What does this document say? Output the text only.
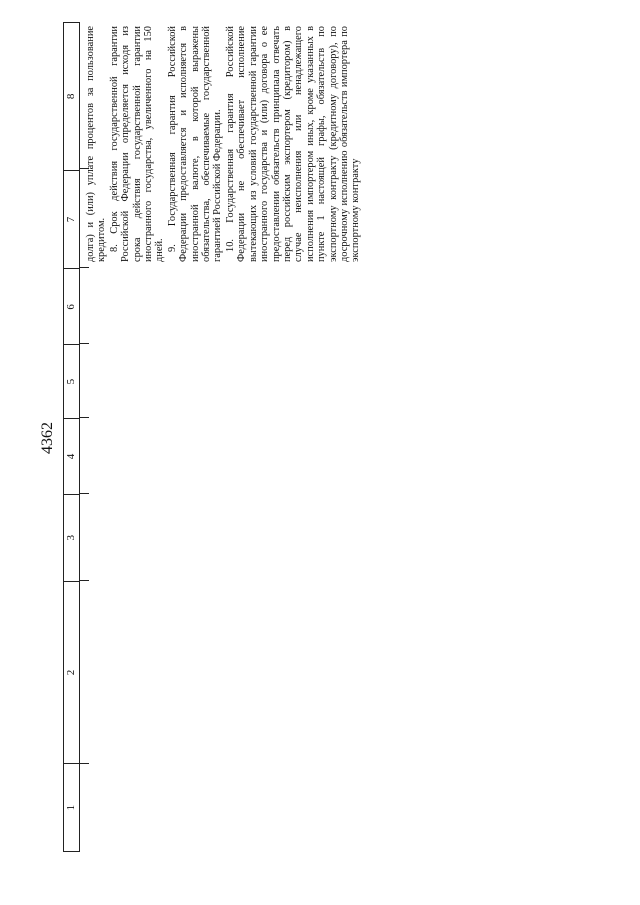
4362
1
2
3
4
5
6
7
8 долга) и (или) уплате процентов за пользование кредитом. 8. Срок действия государственной гарантии Российской Федерации определяется исходя из срока действия государственной гарантии иностранного государства, увеличенного на 150 дней. 9. Государственная гарантия Российской Федерации предоставляется и исполняется в иностранной валюте, в которой выражены обязательства, обеспечиваемые государственной гарантией Российской Федерации. 10. Государственная гарантия Российской Федерации не обеспечивает исполнение вытекающих из условий государственной гарантии иностранного государства и (или) договора о ее предоставлении обязательств принципала отвечать перед российским экспортером (кредитором) в случае неисполнения или ненадлежащего исполнения импортером иных, кроме указанных в пункте 1 настоящей графы, обязательств по экспортному контракту (кредитному договору), по досрочному исполнению обязательств импортера по экспортному контракту
